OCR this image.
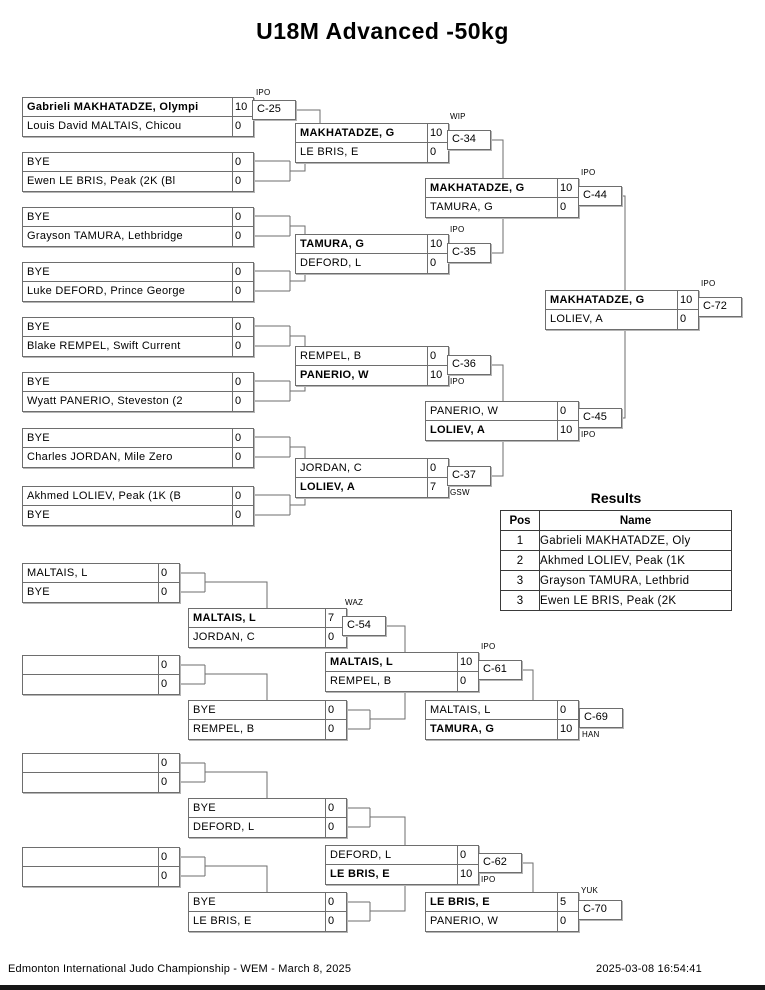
U18M Advanced -50kg
Gabrieli MAKHATADZE, Olympi	10
Louis David MALTAIS, Chicou	0
BYE	0
Ewen LE BRIS, Peak (2K (Bl	0
BYE	0
Grayson TAMURA, Lethbridge	0
BYE	0
Luke DEFORD, Prince George	0
BYE	0
Blake REMPEL, Swift Current	0
BYE	0
Wyatt PANERIO, Steveston (2	0
BYE	0
Charles JORDAN, Mile Zero	0
Akhmed LOLIEV, Peak (1K (B	0
BYE	0
MAKHATADZE, G	10
LE BRIS, E	0
TAMURA, G	10
DEFORD, L	0
REMPEL, B	0
PANERIO, W	10
JORDAN, C	0
LOLIEV, A	7
MAKHATADZE, G	10
TAMURA, G	0
PANERIO, W	0
LOLIEV, A	10
MAKHATADZE, G	10
LOLIEV, A	0
MALTAIS, L	0
BYE	0
MALTAIS, L	7
JORDAN, C	0
0
0
BYE	0
REMPEL, B	0
MALTAIS, L	10
REMPEL, B	0
MALTAIS, L	0
TAMURA, G	10
0
0
BYE	0
DEFORD, L	0
0
0
BYE	0
LE BRIS, E	0
DEFORD, L	0
LE BRIS, E	10
LE BRIS, E	5
PANERIO, W	0
C-25
IPO
C-34
WIP
C-35
IPO
C-36
IPO
C-37
GSW
C-44
IPO
C-45
IPO
C-72
IPO
C-54
WAZ
C-61
IPO
C-69
HAN
C-62
IPO
C-70
YUK
Results
Pos	Name
1	Gabrieli MAKHATADZE, Oly
2	Akhmed LOLIEV, Peak (1K
3	Grayson TAMURA, Lethbrid
3	Ewen LE BRIS, Peak (2K
Edmonton International Judo Championship - WEM - March 8, 2025	2025-03-08 16:54:41
